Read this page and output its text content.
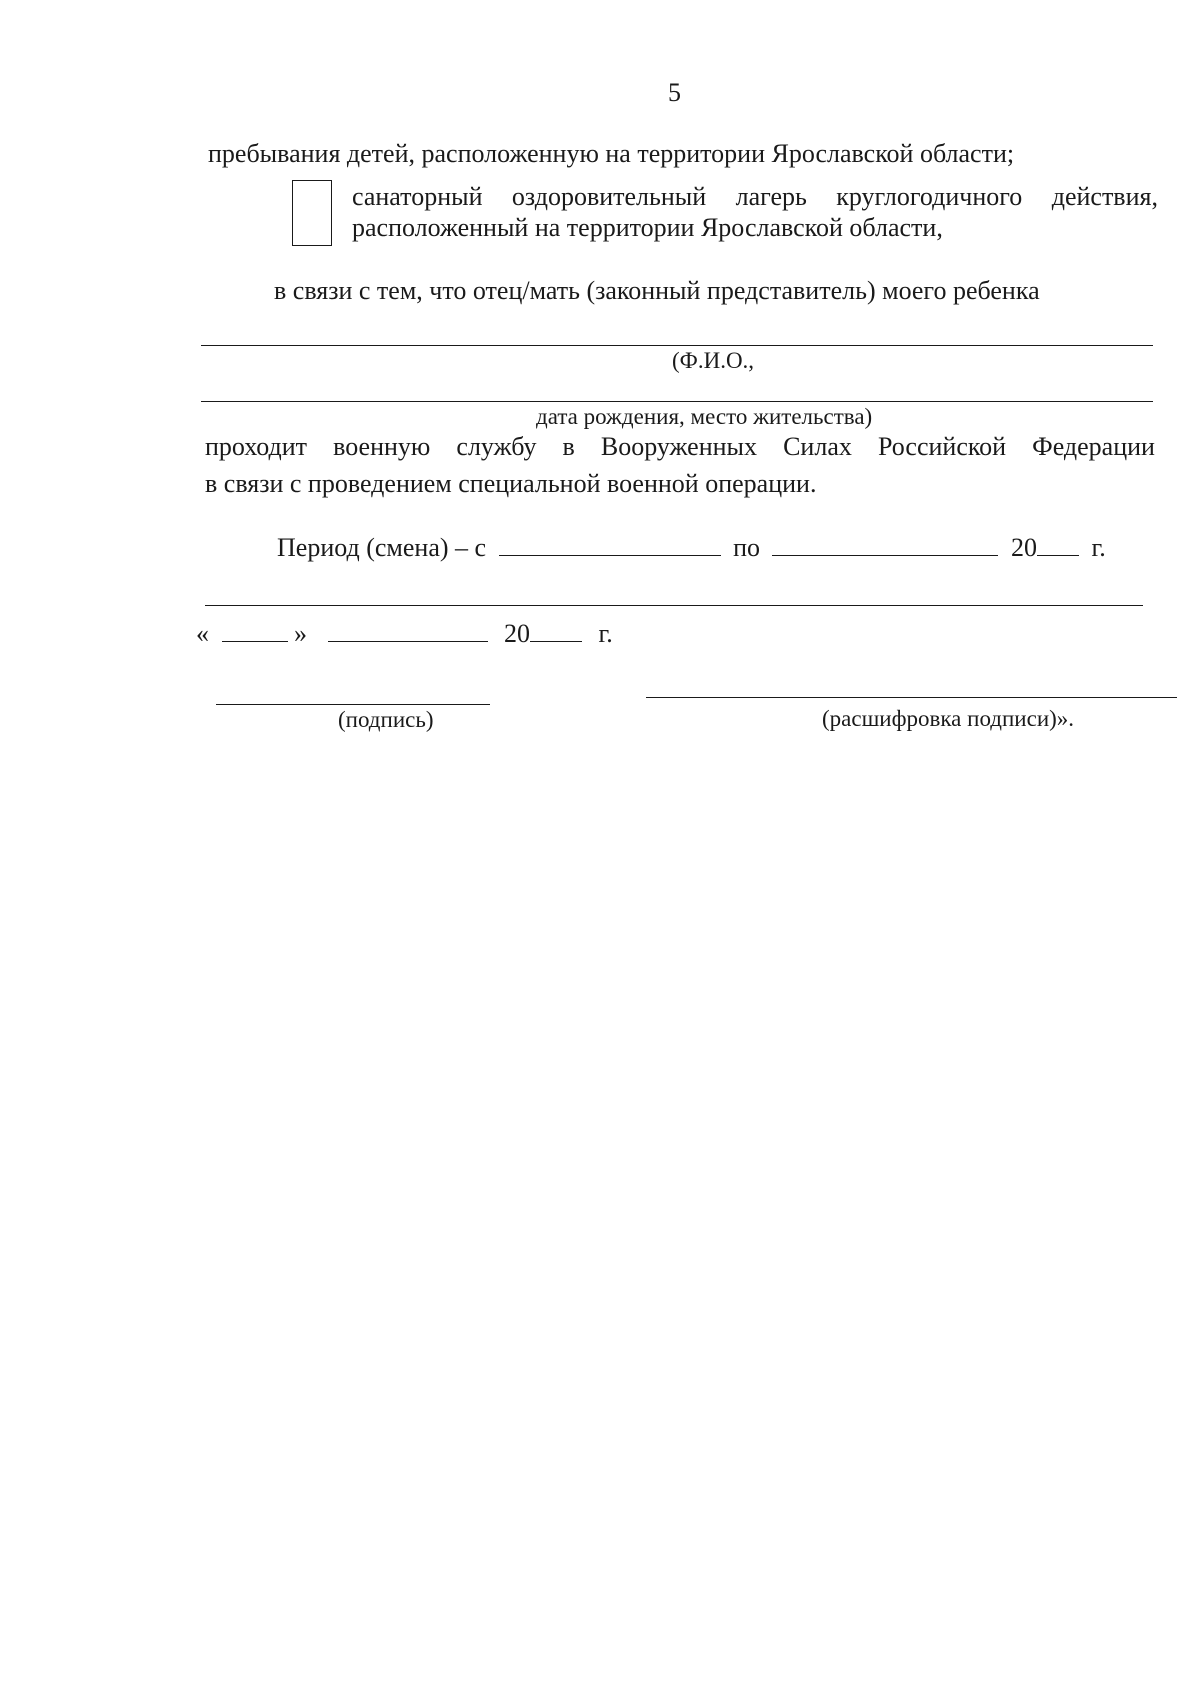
5
пребывания детей, расположенную на территории Ярославской области;
санаторный оздоровительный лагерь круглогодичного действия,
расположенный на территории Ярославской области,
в связи с тем, что отец/мать (законный представитель) моего ребенка
(Ф.И.О.,
дата рождения, место жительства)
проходит военную службу в Вооруженных Силах Российской Федерации
в связи с проведением специальной военной операции.
Период (смена) – с	по	20 г.
«	»	20	г.
(подпись)	(расшифровка подписи)».
